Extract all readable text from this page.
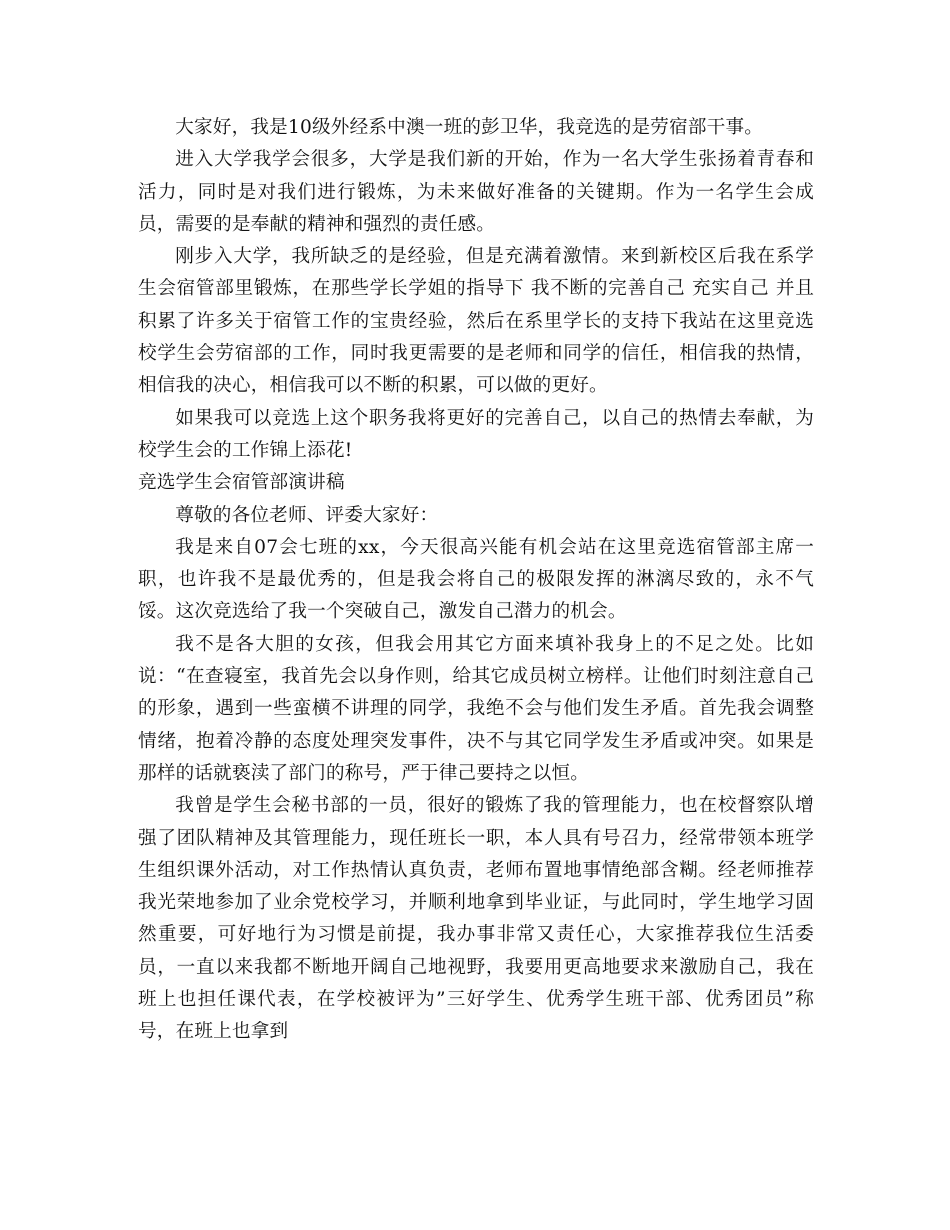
大家好，我是10级外经系中澳一班的彭卫华，我竞选的是劳宿部干事。

进入大学我学会很多，大学是我们新的开始，作为一名大学生张扬着青春和活力，同时是对我们进行锻炼，为未来做好准备的关键期。作为一名学生会成员，需要的是奉献的精神和强烈的责任感。

刚步入大学，我所缺乏的是经验，但是充满着激情。来到新校区后我在系学生会宿管部里锻炼，在那些学长学姐的指导下 我不断的完善自己 充实自己 并且积累了许多关于宿管工作的宝贵经验，然后在系里学长的支持下我站在这里竞选校学生会劳宿部的工作，同时我更需要的是老师和同学的信任，相信我的热情，相信我的决心，相信我可以不断的积累，可以做的更好。

如果我可以竞选上这个职务我将更好的完善自己，以自己的热情去奉献，为校学生会的工作锦上添花!

竞选学生会宿管部演讲稿

尊敬的各位老师、评委大家好：

我是来自07会七班的xx，今天很高兴能有机会站在这里竞选宿管部主席一职，也许我不是最优秀的，但是我会将自己的极限发挥的淋漓尽致的，永不气馁。这次竞选给了我一个突破自己，激发自己潜力的机会。

我不是各大胆的女孩，但我会用其它方面来填补我身上的不足之处。比如说：“在查寝室，我首先会以身作则，给其它成员树立榜样。让他们时刻注意自己的形象，遇到一些蛮横不讲理的同学，我绝不会与他们发生矛盾。首先我会调整情绪，抱着冷静的态度处理突发事件，决不与其它同学发生矛盾或冲突。如果是那样的话就亵渎了部门的称号，严于律己要持之以恒。

我曾是学生会秘书部的一员，很好的锻炼了我的管理能力，也在校督察队增强了团队精神及其管理能力，现任班长一职，本人具有号召力，经常带领本班学生组织课外活动，对工作热情认真负责，老师布置地事情绝部含糊。经老师推荐我光荣地参加了业余党校学习，并顺利地拿到毕业证，与此同时，学生地学习固然重要，可好地行为习惯是前提，我办事非常又责任心，大家推荐我位生活委员，一直以来我都不断地开阔自己地视野，我要用更高地要求来激励自己，我在班上也担任课代表，在学校被评为”三好学生、优秀学生班干部、优秀团员”称号，在班上也拿到
